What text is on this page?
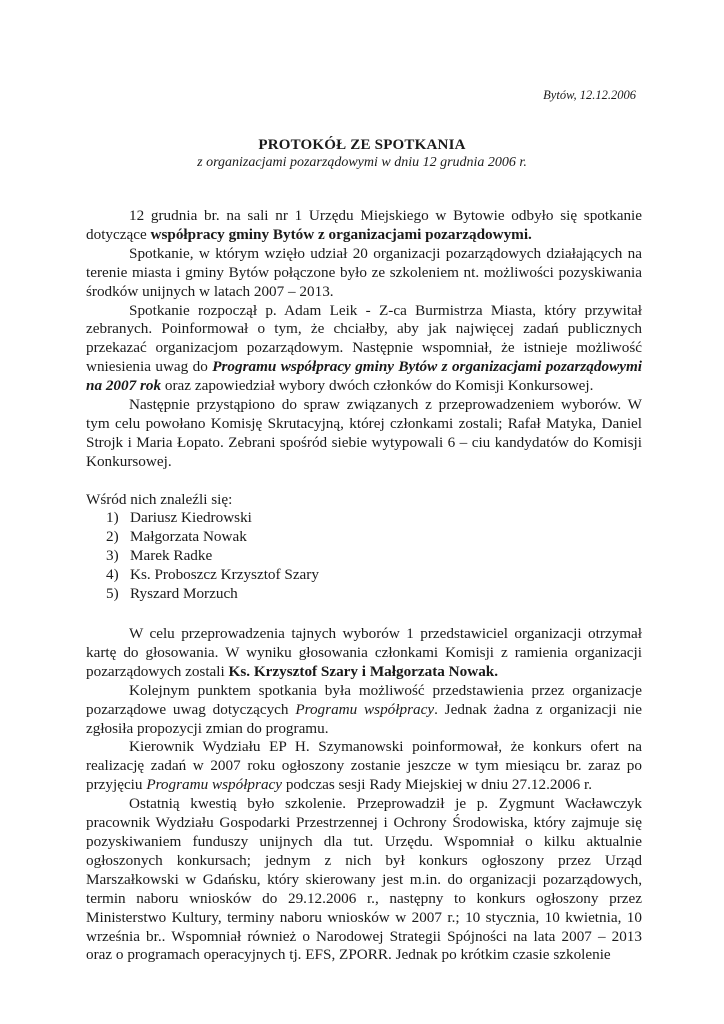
Bytów, 12.12.2006
PROTOKÓŁ ZE SPOTKANIA
z organizacjami pozarządowymi w dniu 12 grudnia 2006 r.

12 grudnia br. na sali nr 1 Urzędu Miejskiego w Bytowie odbyło się spotkanie dotyczące współpracy gminy Bytów z organizacjami pozarządowymi.

Spotkanie, w którym wzięło udział 20 organizacji pozarządowych działających na terenie miasta i gminy Bytów połączone było ze szkoleniem nt. możliwości pozyskiwania środków unijnych w latach 2007 – 2013.

Spotkanie rozpoczął p. Adam Leik - Z-ca Burmistrza Miasta, który przywitał zebranych. Poinformował o tym, że chciałby, aby jak najwięcej zadań publicznych przekazać organizacjom pozarządowym. Następnie wspomniał, że istnieje możliwość wniesienia uwag do Programu współpracy gminy Bytów z organizacjami pozarządowymi na 2007 rok oraz zapowiedział wybory dwóch członków do Komisji Konkursowej.

Następnie przystąpiono do spraw związanych z przeprowadzeniem wyborów. W tym celu powołano Komisję Skrutacyjną, której członkami zostali; Rafał Matyka, Daniel Strojk i Maria Łopato. Zebrani spośród siebie wytypowali 6 – ciu kandydatów do Komisji Konkursowej.

Wśród nich znaleźli się:

1) Dariusz Kiedrowski
2) Małgorzata Nowak
3) Marek Radke
4) Ks. Proboszcz Krzysztof Szary
5) Ryszard Morzuch

W celu przeprowadzenia tajnych wyborów 1 przedstawiciel organizacji otrzymał kartę do głosowania. W wyniku głosowania członkami Komisji z ramienia organizacji pozarządowych zostali Ks. Krzysztof Szary i Małgorzata Nowak.

Kolejnym punktem spotkania była możliwość przedstawienia przez organizacje pozarządowe uwag dotyczących Programu współpracy. Jednak żadna z organizacji nie zgłosiła propozycji zmian do programu.

Kierownik Wydziału EP H. Szymanowski poinformował, że konkurs ofert na realizację zadań w 2007 roku ogłoszony zostanie jeszcze w tym miesiącu br. zaraz po przyjęciu Programu współpracy podczas sesji Rady Miejskiej w dniu 27.12.2006 r.

Ostatnią kwestią było szkolenie. Przeprowadził je p. Zygmunt Wacławczyk pracownik Wydziału Gospodarki Przestrzennej i Ochrony Środowiska, który zajmuje się pozyskiwaniem funduszy unijnych dla tut. Urzędu. Wspomniał o kilku aktualnie ogłoszonych konkursach; jednym z nich był konkurs ogłoszony przez Urząd Marszałkowski w Gdańsku, który skierowany jest m.in. do organizacji pozarządowych, termin naboru wniosków do 29.12.2006 r., następny to konkurs ogłoszony przez Ministerstwo Kultury, terminy naboru wniosków w 2007 r.; 10 stycznia, 10 kwietnia, 10 września br.. Wspomniał również o Narodowej Strategii Spójności na lata 2007 – 2013 oraz o programach operacyjnych tj. EFS, ZPORR. Jednak po krótkim czasie szkolenie
